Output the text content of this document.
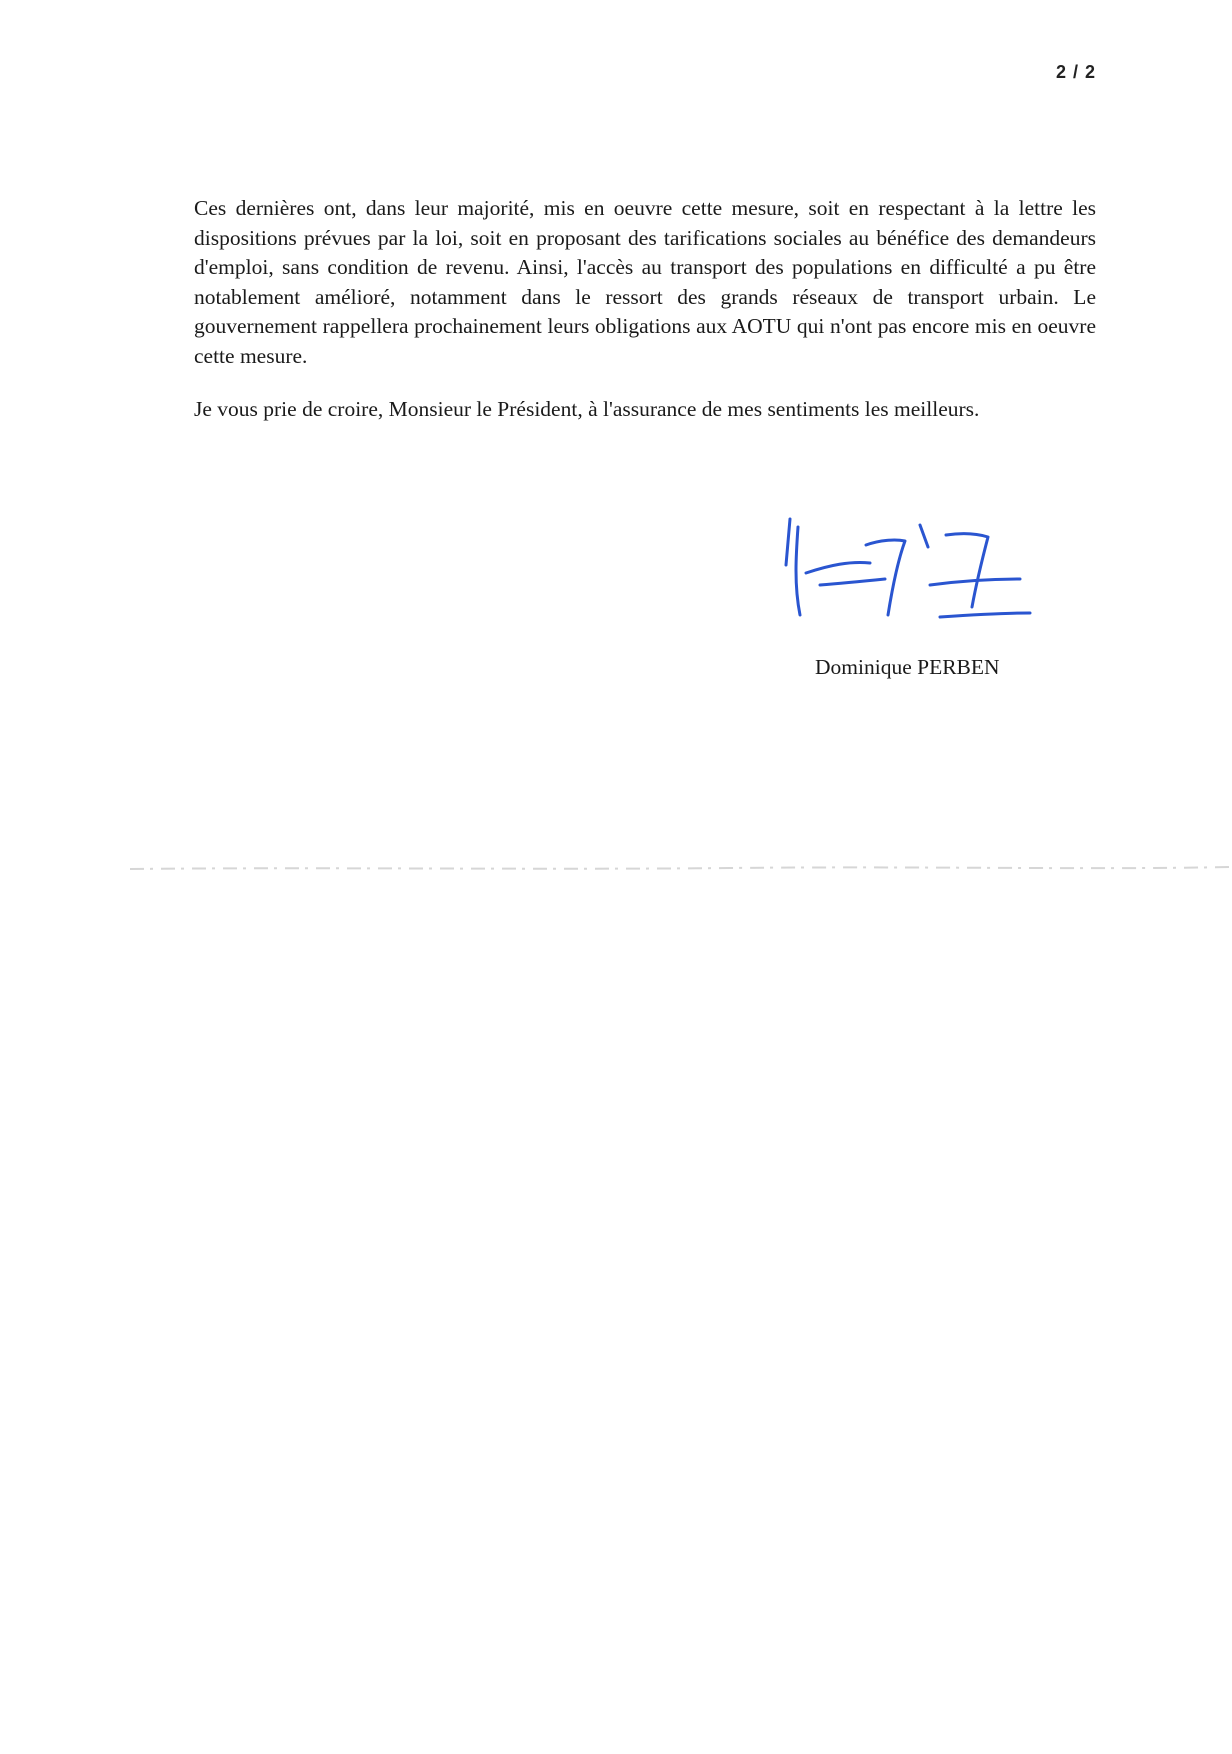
2 / 2

Ces dernières ont, dans leur majorité, mis en oeuvre cette mesure, soit en respectant à la lettre les dispositions prévues par la loi, soit en proposant des tarifications sociales au bénéfice des demandeurs d'emploi, sans condition de revenu. Ainsi, l'accès au transport des populations en difficulté a pu être notablement amélioré, notamment dans le ressort des grands réseaux de transport urbain. Le gouvernement rappellera prochainement leurs obligations aux AOTU qui n'ont pas encore mis en oeuvre cette mesure.

Je vous prie de croire, Monsieur le Président, à l'assurance de mes sentiments les meilleurs.

Dominique PERBEN
